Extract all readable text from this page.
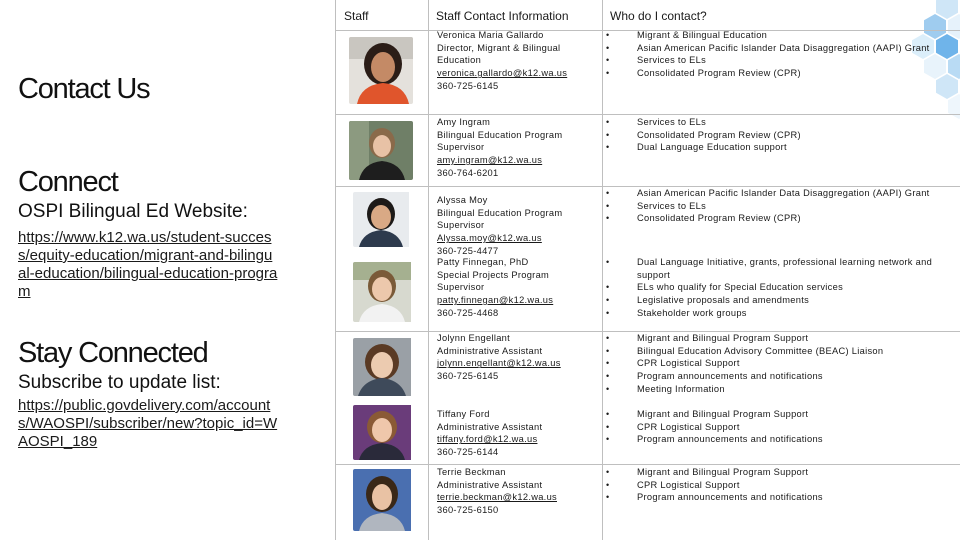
Contact Us
Connect
OSPI Bilingual Ed Website:
https://www.k12.wa.us/student-success/equity-education/migrant-and-bilingual-education/bilingual-education-program
Stay Connected
Subscribe to update list:
https://public.govdelivery.com/accounts/WAOSPI/subscriber/new?topic_id=WAOSPI_189
Staff	Staff Contact Information	Who do I contact?
Veronica Maria Gallardo
Director, Migrant & Bilingual Education
veronica.gallardo@k12.wa.us
360-725-6145
• Migrant & Bilingual Education
• Asian American Pacific Islander Data Disaggregation (AAPI) Grant
• Services to ELs
• Consolidated Program Review (CPR)
Amy Ingram
Bilingual Education Program Supervisor
amy.ingram@k12.wa.us
360-764-6201
• Services to ELs
• Consolidated Program Review (CPR)
• Dual Language Education support
Alyssa Moy
Bilingual Education Program Supervisor
Alyssa.moy@k12.wa.us
360-725-4477
• Asian American Pacific Islander Data Disaggregation (AAPI) Grant
• Services to ELs
• Consolidated Program Review (CPR)
Patty Finnegan, PhD
Special Projects Program Supervisor
patty.finnegan@k12.wa.us
360-725-4468
• Dual Language Initiative, grants, professional learning network and support
• ELs who qualify for Special Education services
• Legislative proposals and amendments
• Stakeholder work groups
Jolynn Engellant
Administrative Assistant
jolynn.engellant@k12.wa.us
360-725-6145
• Migrant and Bilingual Program Support
• Bilingual Education Advisory Committee (BEAC) Liaison
• CPR Logistical Support
• Program announcements and notifications
• Meeting Information
Tiffany Ford
Administrative Assistant
tiffany.ford@k12.wa.us
360-725-6144
• Migrant and Bilingual Program Support
• CPR Logistical Support
• Program announcements and notifications
Terrie Beckman
Administrative Assistant
terrie.beckman@k12.wa.us
360-725-6150
• Migrant and Bilingual Program Support
• CPR Logistical Support
• Program announcements and notifications
